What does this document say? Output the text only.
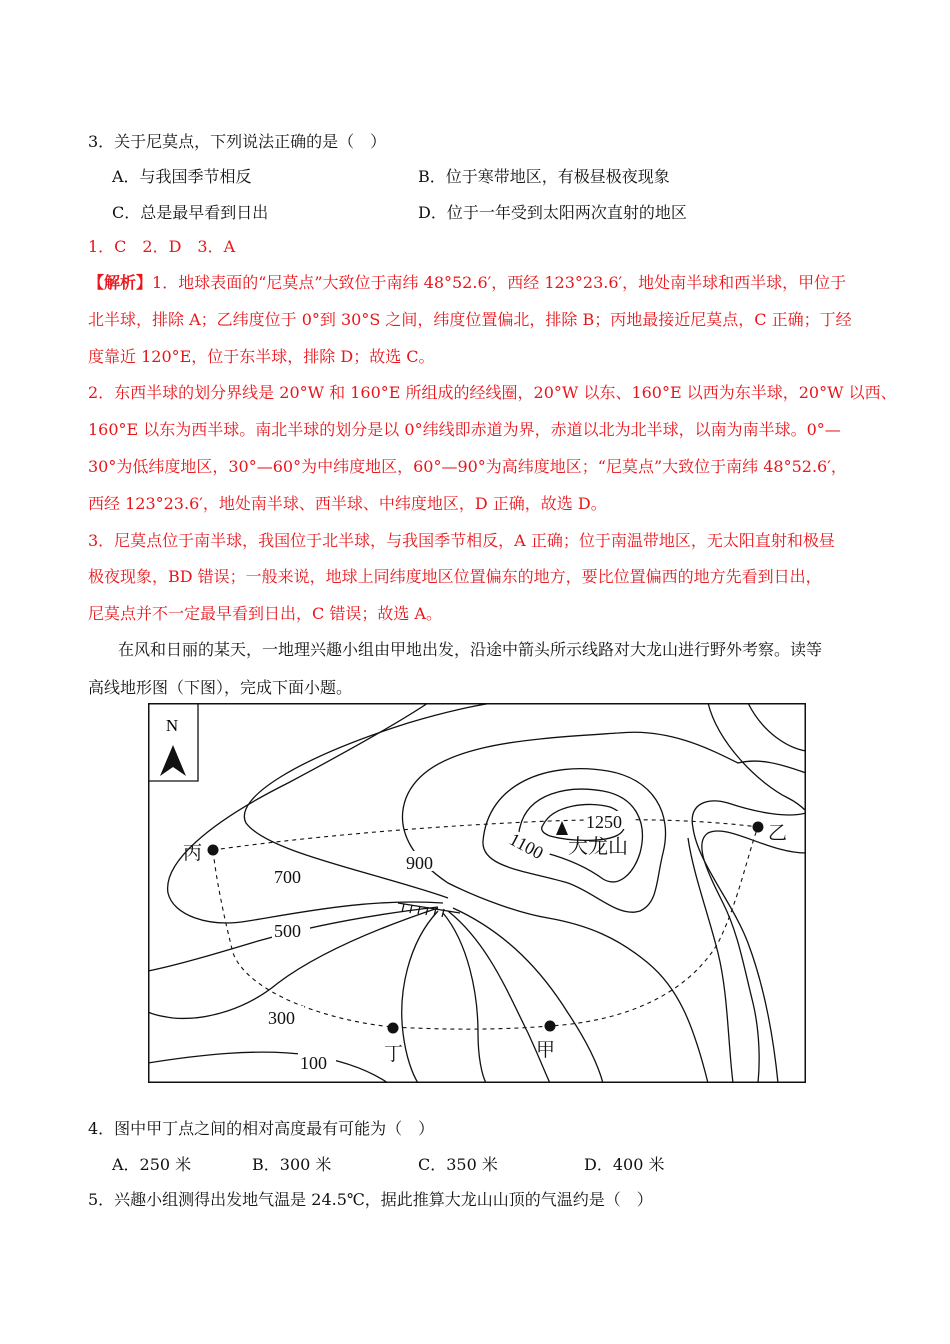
3．关于尼莫点，下列说法正确的是（　）
A．与我国季节相反	B．位于寒带地区，有极昼极夜现象
C．总是最早看到日出	D．位于一年受到太阳两次直射的地区
1．C　2．D　3．A
【解析】1．地球表面的“尼莫点”大致位于南纬 48°52.6′，西经 123°23.6′，地处南半球和西半球，甲位于
北半球，排除 A；乙纬度位于 0°到 30°S 之间，纬度位置偏北，排除 B；丙地最接近尼莫点，C 正确；丁经
度靠近 120°E，位于东半球，排除 D；故选 C。
2．东西半球的划分界线是 20°W 和 160°E 所组成的经线圈，20°W 以东、160°E 以西为东半球，20°W 以西、
160°E 以东为西半球。南北半球的划分是以 0°纬线即赤道为界，赤道以北为北半球，以南为南半球。0°—
30°为低纬度地区，30°—60°为中纬度地区，60°—90°为高纬度地区；“尼莫点”大致位于南纬 48°52.6′，
西经 123°23.6′，地处南半球、西半球、中纬度地区，D 正确，故选 D。
3．尼莫点位于南半球，我国位于北半球，与我国季节相反，A 正确；位于南温带地区，无太阳直射和极昼
极夜现象，BD 错误；一般来说，地球上同纬度地区位置偏东的地方，要比位置偏西的地方先看到日出，
尼莫点并不一定最早看到日出，C 错误；故选 A。
在风和日丽的某天，一地理兴趣小组由甲地出发，沿途中箭头所示线路对大龙山进行野外考察。读等
高线地形图（下图），完成下面小题。
N
丙
乙
丁	甲
大龙山
1250
1100
900
700
500
300
100
4．图中甲丁点之间的相对高度最有可能为（　）
A．250 米	B．300 米	C．350 米	D．400 米
5．兴趣小组测得出发地气温是 24.5℃，据此推算大龙山山顶的气温约是（　）
